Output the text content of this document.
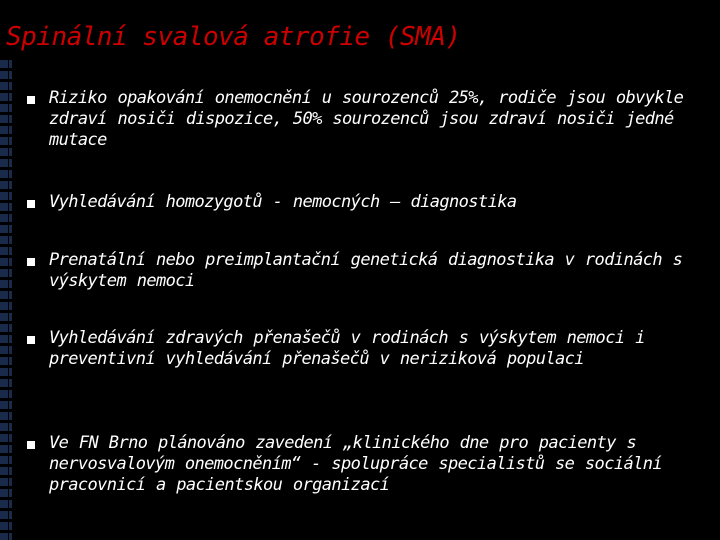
Spinální svalová atrofie (SMA)
Riziko opakování onemocnění u sourozenců 25%, rodiče jsou obvykle zdraví nosiči dispozice, 50% sourozenců jsou zdraví nosiči jedné mutace
Vyhledávání homozygotů - nemocných – diagnostika
Prenatální nebo preimplantační genetická diagnostika v rodinách s výskytem nemoci
Vyhledávání zdravých přenašečů v rodinách s výskytem nemoci i preventivní vyhledávání přenašečů v neriziková populaci
Ve FN Brno plánováno zavedení „klinického dne pro pacienty s nervosvalovým onemocněním“ - spolupráce specialistů se sociální pracovnicí a pacientskou organizací
